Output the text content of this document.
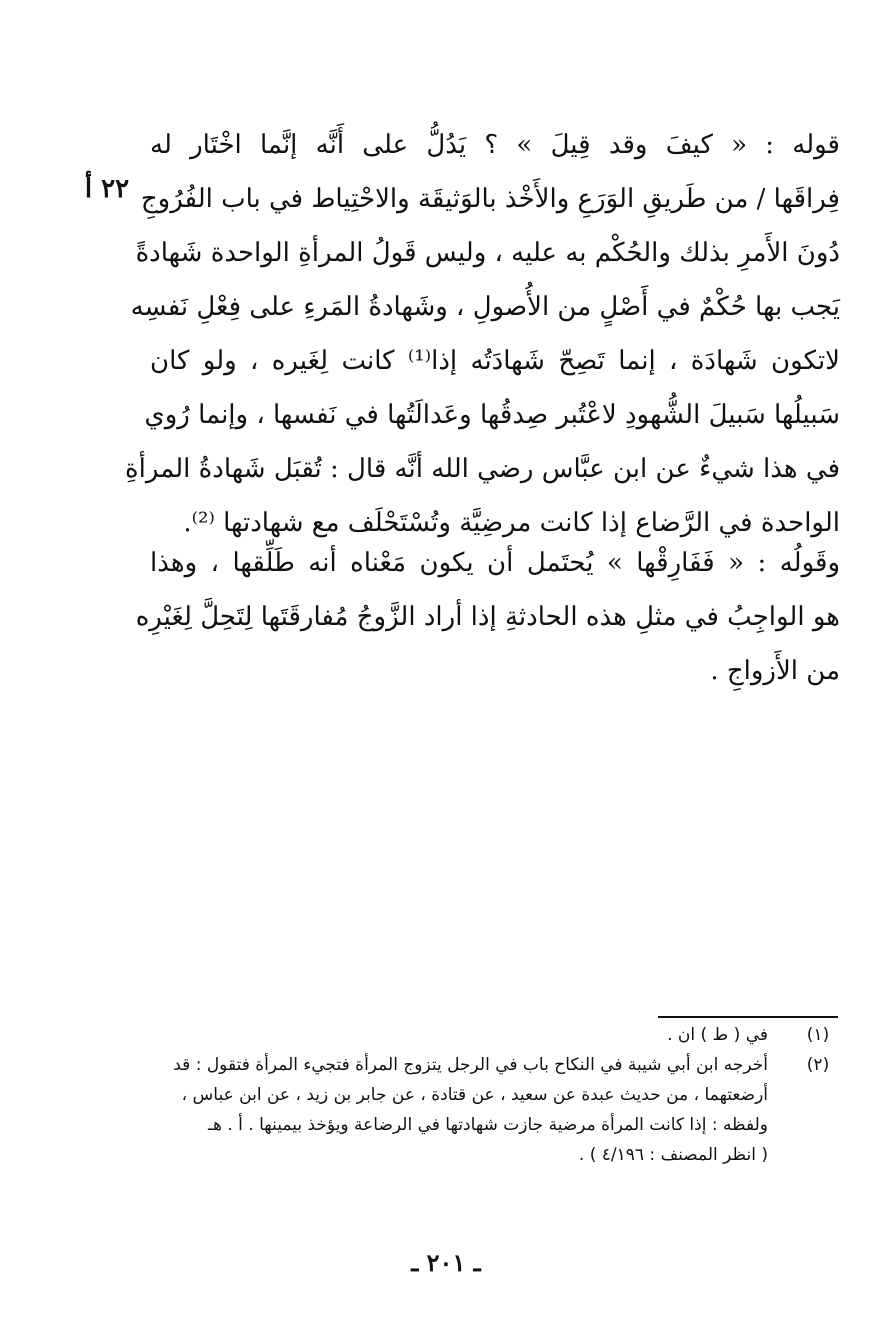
قوله : « كيفَ وقد قِيلَ » ؟ يَدُلُّ على أَنَّه إنَّما اخْتَار له
فِراقَها / من طَريقِ الوَرَعِ والأَخْذ بالوَثيقَة والاحْتِياط في باب الفُرُوجِ
دُونَ الأَمرِ بذلك والحُكْم به عليه ، وليس قَولُ المرأةِ الواحدة شَهادةً
يَجب بها حُكْمٌ في أَصْلٍ من الأُصولِ ، وشَهادةُ المَرءِ على فِعْلِ نَفسِه
لاتكون شَهادَة ، إنما تَصِحّ شَهادَتُه إذا⁽¹⁾ كانت لِغَيره ، ولو كان
سَبيلُها سَبيلَ الشُّهودِ لاعْتُبر صِدقُها وعَدالَتُها في نَفسها ، وإنما رُوي
في هذا شيءٌ عن ابن عبَّاس رضي الله أنَّه قال : تُقبَل شَهادةُ المرأةِ
الواحدة في الرَّضاع إذا كانت مرضِيَّة وتُسْتَحْلَف مع شهادتها ⁽²⁾.
٢٢ أ
وقَولُه : « فَفَارِقْها » يُحتَمل أن يكون مَعْناه أنه طَلِّقها ، وهذا
هو الواجِبُ في مثلِ هذه الحادثةِ إذا أراد الزَّوجُ مُفارقَتَها لِتَحِلَّ لِغَيْرِه
من الأَزواجِ .
(١)
في ( ط ) ان .
(٢)
أخرجه ابن أبي شيبة في النكاح باب في الرجل يتزوج المرأة فتجيء المرأة فتقول : قد
أرضعتهما ، من حديث عبدة عن سعيد ، عن قتادة ، عن جابر بن زيد ، عن ابن عباس ،
ولفظه : إذا كانت المرأة مرضية جازت شهادتها في الرضاعة ويؤخذ بيمينها . أ . هـ
( انظر المصنف : ٤/١٩٦ ) .
ـ ٢٠١ ـ
